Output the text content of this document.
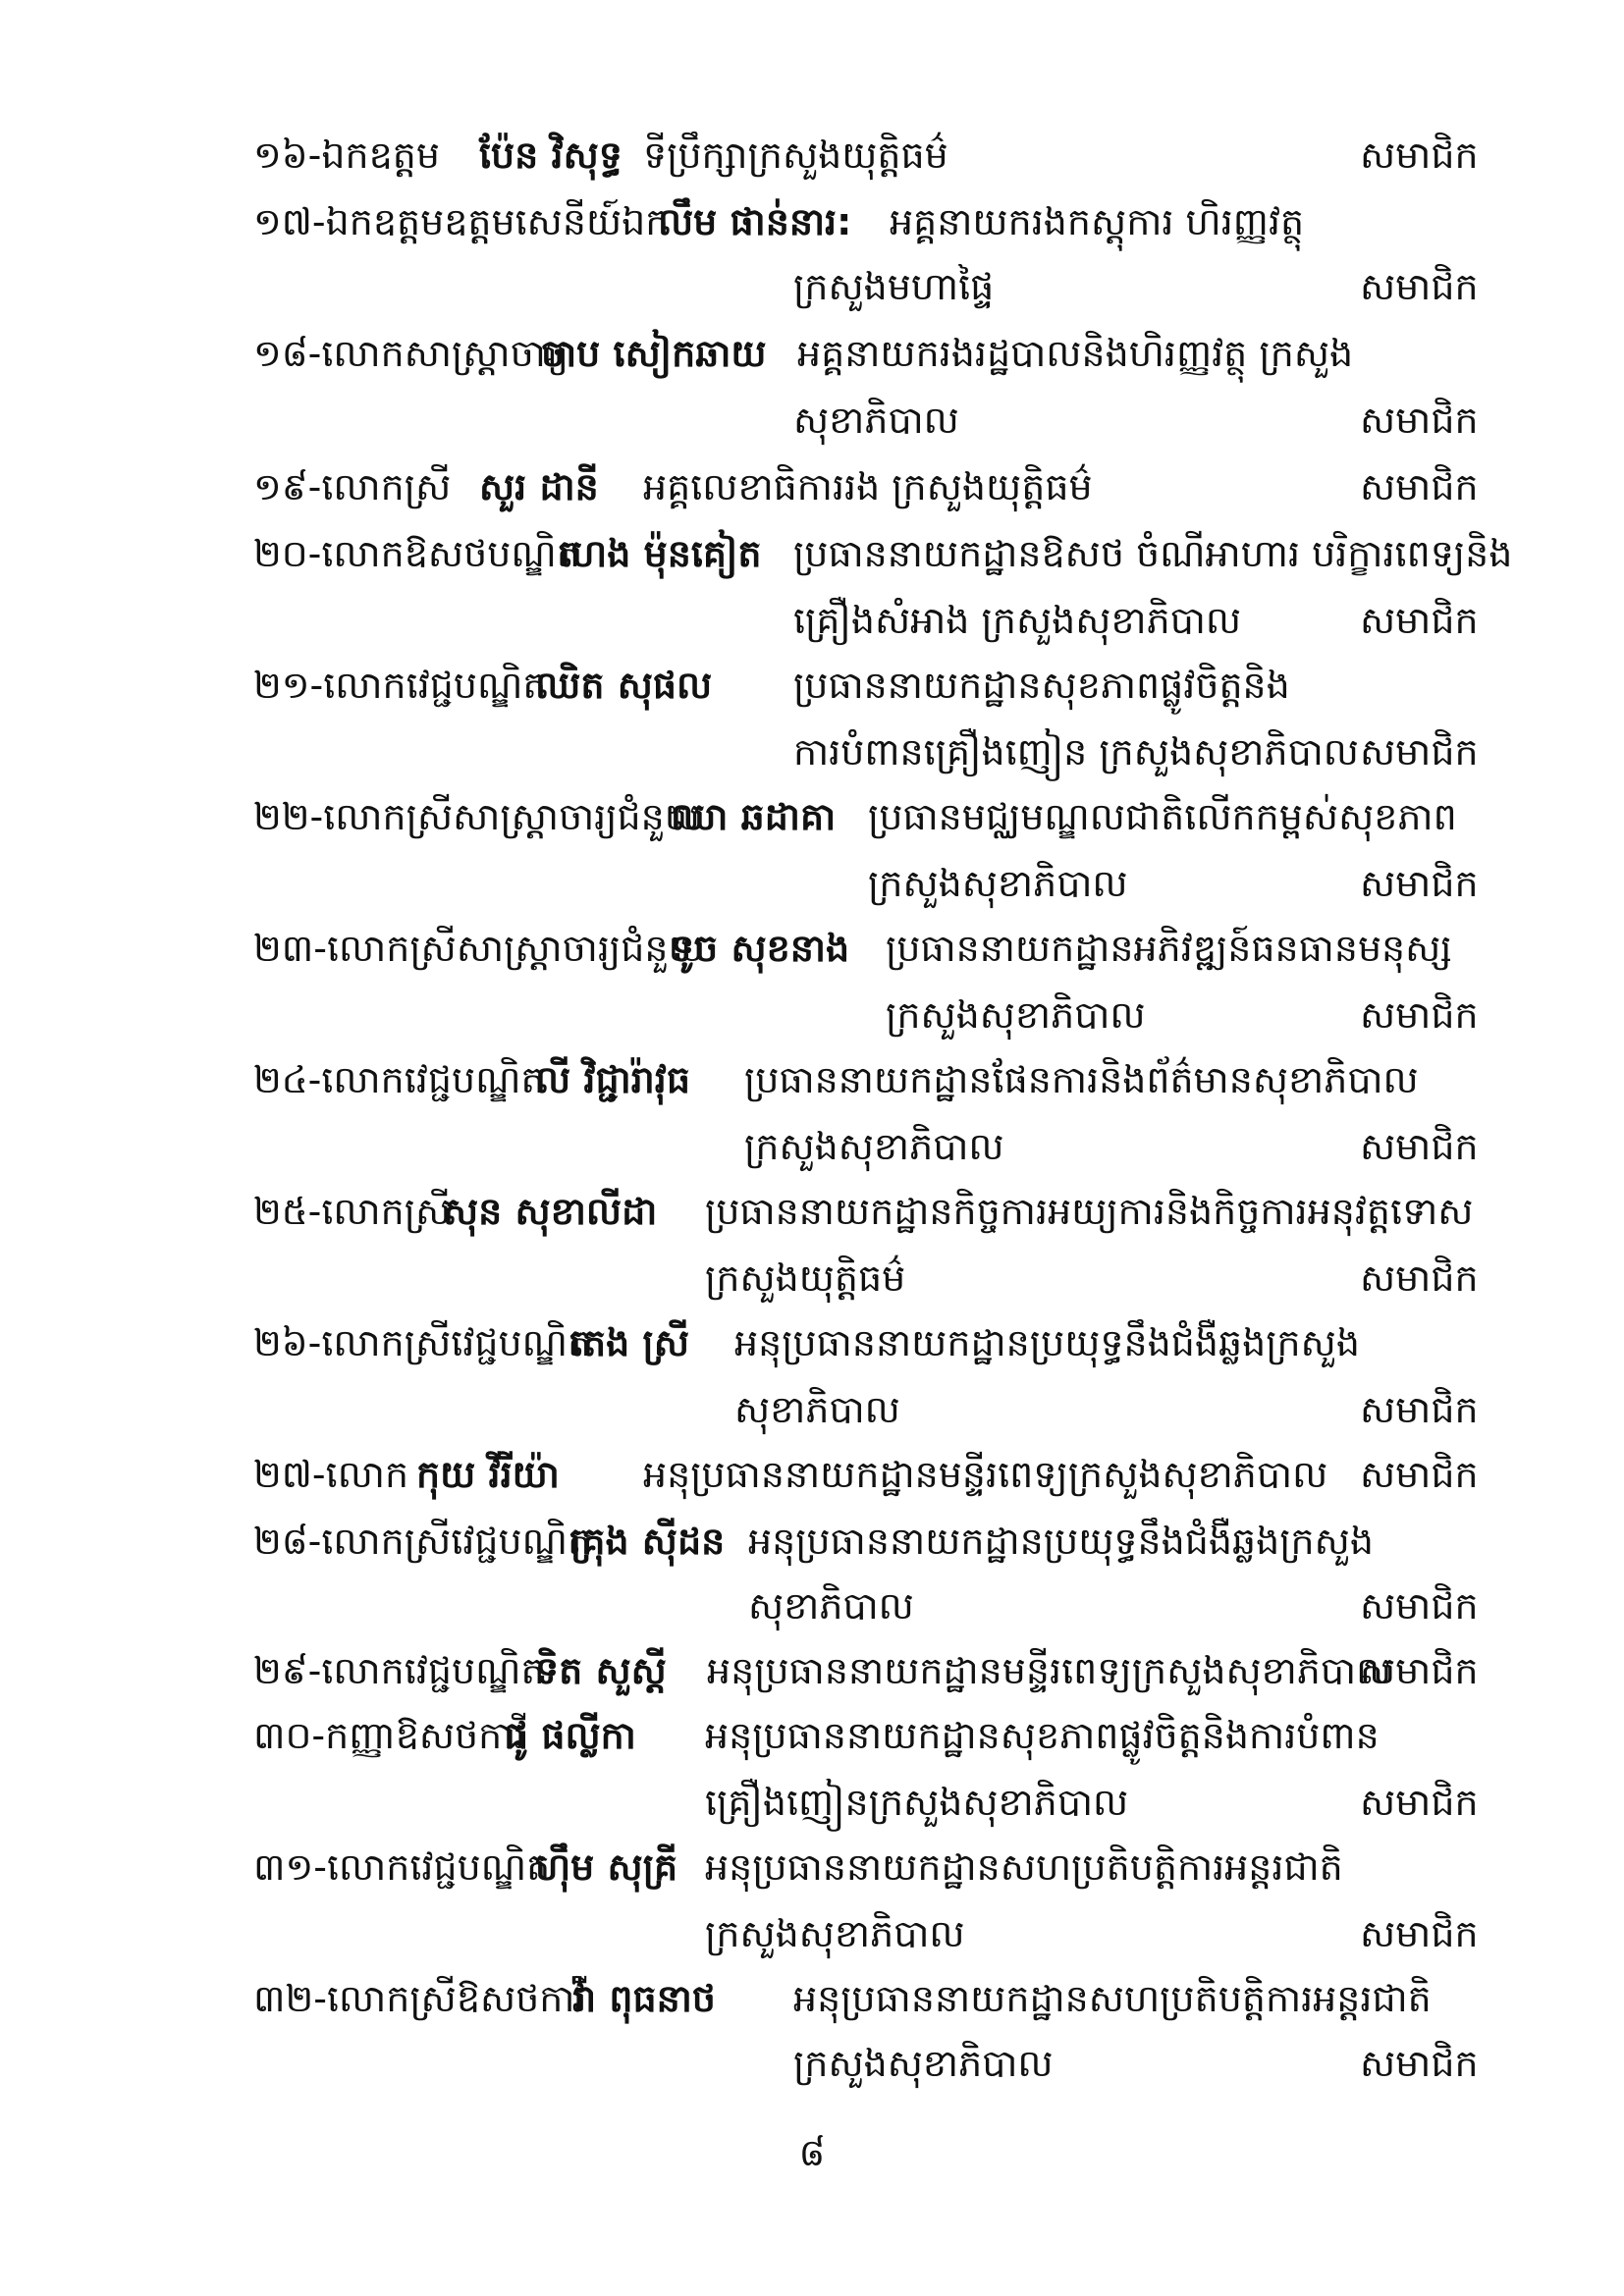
១៦-ឯកឧត្តម ប៉ែន វិសុទ្ធ ទីប្រឹក្សាក្រសួងយុត្តិធម៌	សមាជិក
១៧-ឯកឧត្តមឧត្តមសេនីយ៍ឯក
លឹម ផាន់នារ: អគ្គនាយករងកស្ដុការ ហិរញ្ញវត្ថុ
ក្រសួងមហាផ្ទៃ	សមាជិក
១៨-លោកសាស្ត្រាចារ្យ
ចាប សៀកឆាយ អគ្គនាយករងរដ្ឋបាលនិងហិរញ្ញវត្ថុ ក្រសួង
សុខាភិបាល	សមាជិក
១៩-លោកស្រី សួរ ដានី អគ្គលេខាធិការរង ក្រសួងយុត្តិធម៌	សមាជិក
២០-លោកឱសថបណ្ឌិត
ហេង ម៉ុនគៀត ប្រធាននាយកដ្ឋានឱសថ ចំណីអាហារ បរិក្ខារពេទ្យនិង
គ្រឿងសំអាង ក្រសួងសុខាភិបាល	សមាជិក
២១-លោកវេជ្ជបណ្ឌិត
ឈិត សុផល ប្រធាននាយកដ្ឋានសុខភាពផ្លូវចិត្តនិង
ការបំពានគ្រឿងញៀន ក្រសួងសុខាភិបាល សមាជិក
២២-លោកស្រីសាស្ត្រាចារ្យជំនួយ
ឈា ឆដាគា ប្រធានមជ្ឈមណ្ឌលជាតិលើកកម្ពស់សុខភាព
ក្រសួងសុខាភិបាល	សមាជិក
២៣-លោកស្រីសាស្ត្រាចារ្យជំនួយ
ទូច សុខនាង ប្រធាននាយកដ្ឋានអភិវឌ្ឍន៍ធនធានមនុស្ស
ក្រសួងសុខាភិបាល	សមាជិក
២៤-លោកវេជ្ជបណ្ឌិត
លី វិជ្ជារ៉ាវុធ ប្រធាននាយកដ្ឋានផែនការនិងព័ត៌មានសុខាភិបាល
ក្រសួងសុខាភិបាល	សមាជិក
២៥-លោកស្រី
សុន សុខាលីដា ប្រធាននាយកដ្ឋានកិច្ចការអយ្យការនិងកិច្ចការអនុវត្តទោស
ក្រសួងយុត្តិធម៌	សមាជិក
២៦-លោកស្រីវេជ្ជបណ្ឌិត
តេង ស្រី អនុប្រធាននាយកដ្ឋានប្រយុទ្ធនឹងជំងឺឆ្លងក្រសួង
សុខាភិបាល	សមាជិក
២៧-លោក កុយ វីរីយ៉ា អនុប្រធាននាយកដ្ឋានមន្ទីរពេទ្យក្រសួងសុខាភិបាល សមាជិក
២៨-លោកស្រីវេជ្ជបណ្ឌិត
គ្រុង ស៊ីដន អនុប្រធាននាយកដ្ឋានប្រយុទ្ធនឹងជំងឺឆ្លងក្រសួង
សុខាភិបាល	សមាជិក
២៩-លោកវេជ្ជបណ្ឌិត
ទិត សួស្ដី អនុប្រធាននាយកដ្ឋានមន្ទីរពេទ្យក្រសួងសុខាភិបាល
សមាជិក
៣០-កញ្ញាឱសថការី
ជូ ផល្លីកា អនុប្រធាននាយកដ្ឋានសុខភាពផ្លូវចិត្តនិងការបំពាន
គ្រឿងញៀនក្រសួងសុខាភិបាល	សមាជិក
៣១-លោកវេជ្ជបណ្ឌិត
ហ៊ឹម សុគ្រី អនុប្រធាននាយកដ្ឋានសហប្រតិបត្តិការអន្តរជាតិ
ក្រសួងសុខាភិបាល	សមាជិក
៣២-លោកស្រីឱសថការី
វ៉ា ពុធនាថ អនុប្រធាននាយកដ្ឋានសហប្រតិបត្តិការអន្តរជាតិ
ក្រសួងសុខាភិបាល	សមាជិក
៨
